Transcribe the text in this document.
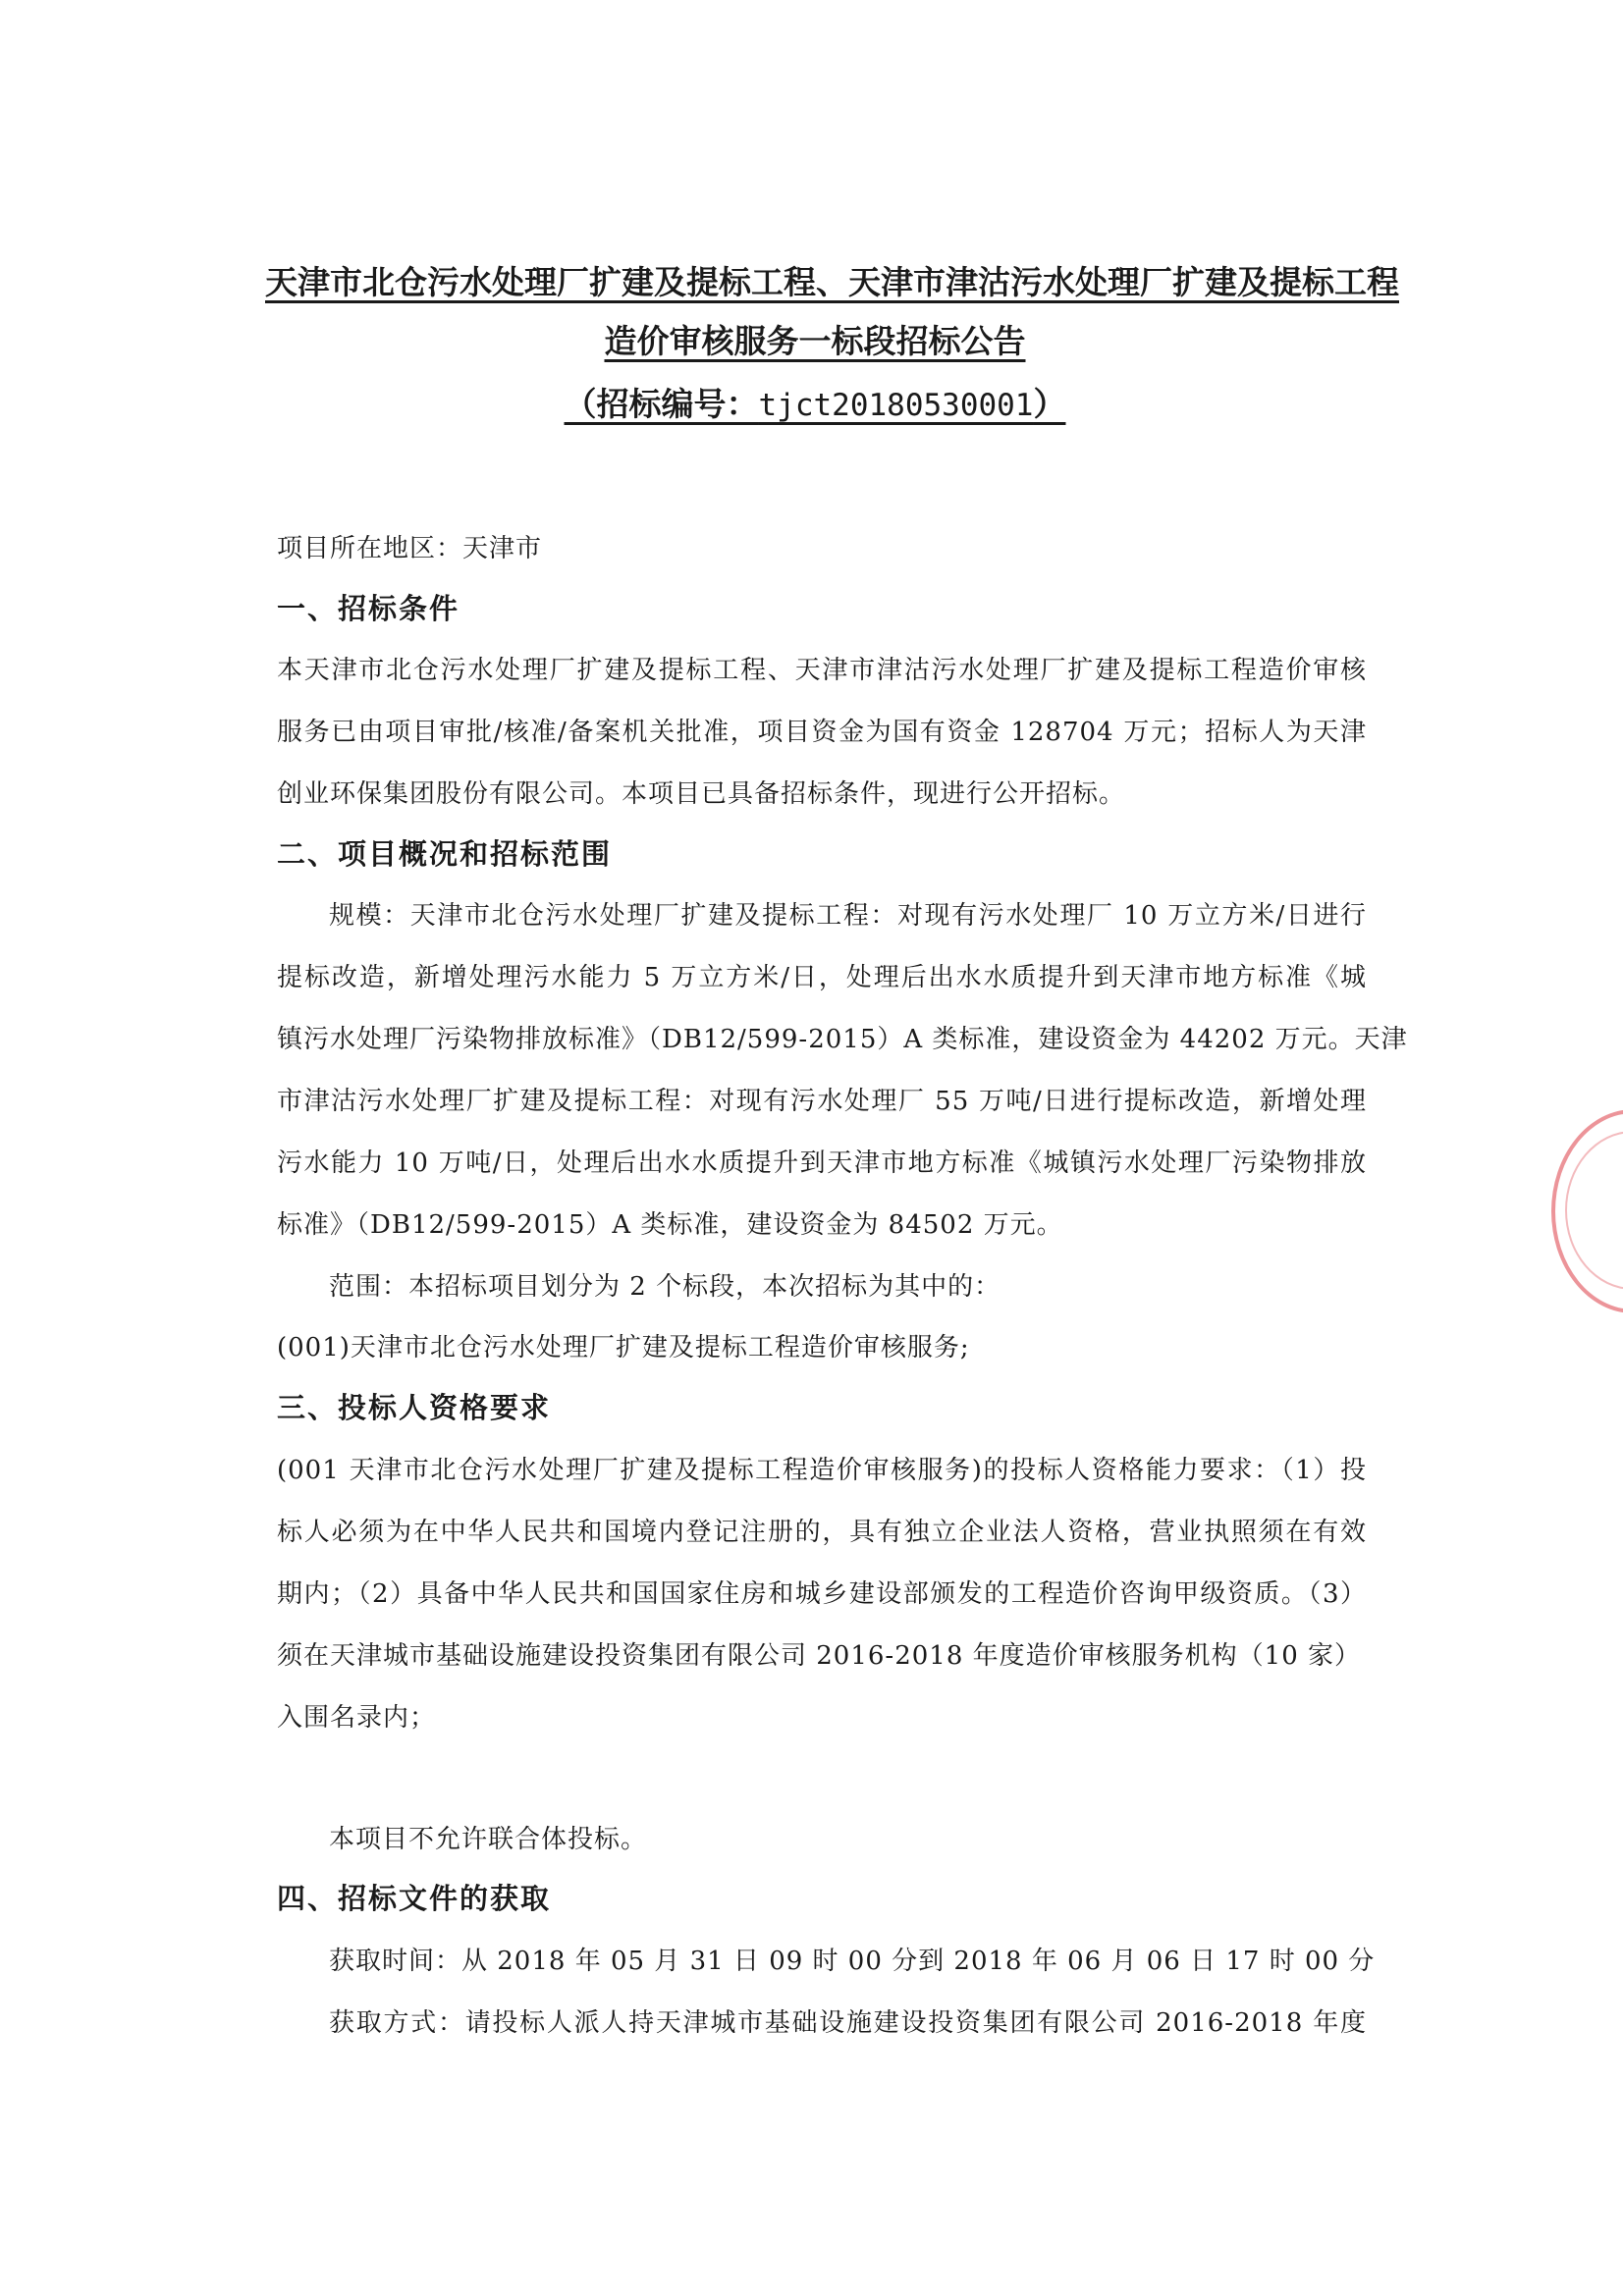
天津市北仓污水处理厂扩建及提标工程、天津市津沽污水处理厂扩建及提标工程
造价审核服务一标段招标公告
（招标编号：tjct20180530001）
项目所在地区：天津市
一、招标条件
本天津市北仓污水处理厂扩建及提标工程、天津市津沽污水处理厂扩建及提标工程造价审核
服务已由项目审批/核准/备案机关批准，项目资金为国有资金 128704 万元；招标人为天津
创业环保集团股份有限公司。本项目已具备招标条件，现进行公开招标。
二、项目概况和招标范围
规模：天津市北仓污水处理厂扩建及提标工程：对现有污水处理厂 10 万立方米/日进行
提标改造，新增处理污水能力 5 万立方米/日，处理后出水水质提升到天津市地方标准《城
镇污水处理厂污染物排放标准》（DB12/599-2015）A 类标准，建设资金为 44202 万元。天津
市津沽污水处理厂扩建及提标工程：对现有污水处理厂 55 万吨/日进行提标改造，新增处理
污水能力 10 万吨/日，处理后出水水质提升到天津市地方标准《城镇污水处理厂污染物排放
标准》（DB12/599-2015）A 类标准，建设资金为 84502 万元。
范围：本招标项目划分为 2 个标段，本次招标为其中的：
(001)天津市北仓污水处理厂扩建及提标工程造价审核服务;
三、投标人资格要求
(001 天津市北仓污水处理厂扩建及提标工程造价审核服务)的投标人资格能力要求：（1）投
标人必须为在中华人民共和国境内登记注册的，具有独立企业法人资格，营业执照须在有效
期内；（2）具备中华人民共和国国家住房和城乡建设部颁发的工程造价咨询甲级资质。（3）
须在天津城市基础设施建设投资集团有限公司 2016-2018 年度造价审核服务机构（10 家）
入围名录内；
本项目不允许联合体投标。
四、招标文件的获取
获取时间：从 2018 年 05 月 31 日 09 时 00 分到 2018 年 06 月 06 日 17 时 00 分
获取方式：请投标人派人持天津城市基础设施建设投资集团有限公司 2016-2018 年度
